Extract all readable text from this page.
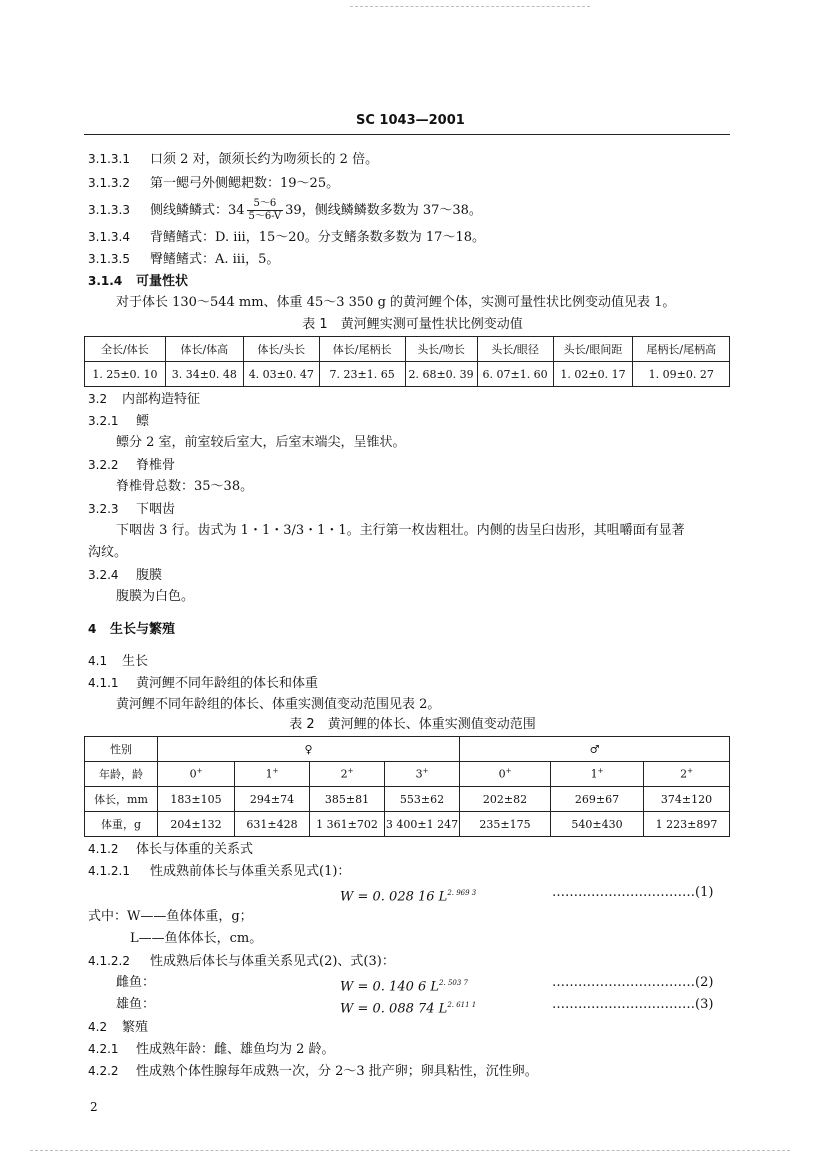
SC 1043—2001
3.1.3.1 口须 2 对，颌须长约为吻须长的 2 倍。
3.1.3.2 第一鳃弓外侧鳃耙数：19～25。
3.1.3.3 侧线鳞鳞式：$34 \frac{5\sim 6}{5\sim 6-V} 39$，侧线鳞鳞数多数为 37～38。
3.1.3.4 背鳍鳍式：D. iii，15～20。分支鳍条数多数为 17～18。
3.1.3.5 臀鳍鳍式：A. iii，5。
3.1.4 可量性状
对于体长 130～544 mm、体重 45～3 350 g 的黄河鲤个体，实测可量性状比例变动值见表 1。
表 1　黄河鲤实测可量性状比例变动值
全长/体长	体长/体高	体长/头长	体长/尾柄长	头长/吻长	头长/眼径	头长/眼间距	尾柄长/尾柄高
1. 25±0. 10	3. 34±0. 48	4. 03±0. 47	7. 23±1. 65	2. 68±0. 39	6. 07±1. 60	1. 02±0. 17	1. 09±0. 27
3.2 内部构造特征
3.2.1 鳔
鳔分 2 室，前室较后室大，后室末端尖，呈锥状。
3.2.2 脊椎骨
脊椎骨总数：35～38。
3.2.3 下咽齿
下咽齿 3 行。齿式为 1・1・3/3・1・1。主行第一枚齿粗壮。内侧的齿呈臼齿形，其咀嚼面有显著
沟纹。
3.2.4 腹膜
腹膜为白色。
4 生长与繁殖
4.1 生长
4.1.1 黄河鲤不同年龄组的体长和体重
黄河鲤不同年龄组的体长、体重实测值变动范围见表 2。
表 2　黄河鲤的体长、体重实测值变动范围
性别	♀				♂		
年龄，龄	0+	1+	2+	3+	0+	1+	2+
体长，mm	183±105	294±74	385±81	553±62	202±82	269±67	374±120
体重，g	204±132	631±428	1 361±702	3 400±1 247	235±175	540±430	1 223±897
4.1.2 体长与体重的关系式
4.1.2.1 性成熟前体长与体重关系见式(1)：
W = 0. 028 16 $L^{2. 969 3}$	……………………………(1)
式中：W——鱼体体重，g；
L——鱼体体长，cm。
4.1.2.2 性成熟后体长与体重关系见式(2)、式(3)：
雌鱼：	W = 0. 140 6 $L^{2. 503 7}$	……………………………(2)
雄鱼：	W = 0. 088 74 $L^{2. 611 1}$	……………………………(3)
4.2 繁殖
4.2.1 性成熟年龄：雌、雄鱼均为 2 龄。
4.2.2 性成熟个体性腺每年成熟一次，分 2～3 批产卵；卵具粘性，沉性卵。
2
